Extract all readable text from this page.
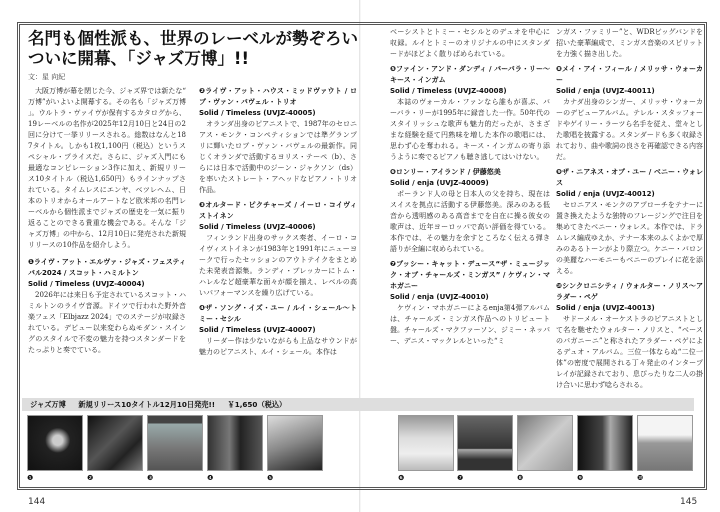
名門も個性派も、世界のレーベルが勢ぞろい
ついに開幕、「ジャズ万博」!!
文：星 向紀

大阪万博が幕を閉じた今、ジャズ界では新たな“万博”がいよいよ開幕する。その名も「ジャズ万博」。ウルトラ・ヴァイヴが保有するカタログから、19レーベルの名作が2025年12月10日と24日の2回に分けて一挙リリースされる。総数はなんと187タイトル。しかも1枚1,100円（税込）というスペシャル・プライスだ。さらに、ジャズ入門にも最適なコンピレーション3作に加え、新規リリース10タイトル（税込1,650円）もラインナップされている。タイムレスにエンヤ、ベツレヘム、日本のトリオからオールアートなど欧米邦の名門レーベルから個性派までジャズの歴史を一気に振り返ることのできる貴重な機会である。そんな「ジャズ万博」の中から、12月10日に発売された新規リリースの10作品を紹介しよう。

❶ライヴ・アット・エルヴァ・ジャズ・フェスティバル2024 / スコット・ハミルトン
Solid / Timeless (UVJZ-40004)

2026年には来日も予定されているスコット・ハミルトンのライヴ音源。ドイツで行われた野外音楽フェス「Elbjazz 2024」でのステージが収録されている。デビュー以来変わらぬモダン・スイングのスタイルで不変の魅力を持つスタンダードをたっぷりと奏でている。

❷ライヴ・アット・ハウス・ミッドヴァウト / ロブ・ヴァン・バヴェル・トリオ
Solid / Timeless (UVJZ-40005)

オランダ出身のピアニストで、1987年のセロニアス・モンク・コンペティションでは準グランプリに輝いたロブ・ヴァン・バヴェルの最新作。同じくオランダで活動するヨリス・テーペ（b）、さらには日本で活動中のジーン・ジャクソン（ds）を率いたストレート・アヘッドなピアノ・トリオ作品。

❸オルタード・ピクチャーズ / イーロ・コイヴィストイネン
Solid / Timeless (UVJZ-40006)

フィンランド出身のサックス奏者、イーロ・コイヴィストイネンが1983年と1991年にニューヨークで行ったセッションのアウトテイクをまとめた未発表音源集。ランディ・ブレッカーにトム・ハレルなど超豪華な面々が顔を揃え、レベルの高いパフォーマンスを繰り広げている。

❹ザ・ソング・イズ・ユー / ルイ・シェール〜トミー・セシル
Solid / Timeless (UVJZ-40007)

リーダー作は少ないながらも上品なサウンドが魅力のピアニスト、ルイ・シェール。本作は

ベーシストとトミー・セシルとのデュオを中心に収録。ルイとトミーのオリジナルの中にスタンダードがほどよく散りばめられている。

❺ファイン・アンド・ダンディ / バーバラ・リー〜キース・インガム
Solid / Timeless (UVJZ-40008)

本誌のヴォーカル・ファンなら誰もが喜ぶ、バーバラ・リーが1995年に録音した一作。50年代のスタイリッシュな歌声も魅力的だったが、さまざまな経験を経て円熟味を増した本作の歌唱には、思わず心を奪われる。キース・インガムの寄り添うように奏でるピアノも聴き逃してはいけない。

❻ロンリー・アイランド / 伊藤悠美
Solid / enja (UVJZ-40009)

ポーランド人の母と日本人の父を持ち、現在はスイスを拠点に活動する伊藤悠美。深みのある低音から透明感のある高音までを自在に操る彼女の歌声は、近年ヨーロッパで高い評価を得ている。本作では、その魅力を余すところなく伝える弾き語りが全編に収められている。

❼プッシー・キャット・デュース“ザ・ミュージック・オブ・チャールズ・ミンガス” / ケヴィン・マホガニー
Solid / enja (UVJZ-40010)

ケヴィン・マホガニーによるenja第4弾アルバムは、チャールズ・ミンガス作品へのトリビュート盤。チャールズ・マクファーソン、ジミー・ネッパー、デニス・マックレルといった“ミ

ンガス・ファミリー”と、WDRビッグバンドを招いた豪華編成で、ミンガス音楽のスピリットを力強く描き出した。

❽メイ・アイ・フィール / メリッサ・ウォーカー
Solid / enja (UVJZ-40011)

カナダ出身のシンガー、メリッサ・ウォーカーのデビューアルバム。テレル・スタッフォードやゲイリー・ラーツら名手を従え、堂々とした歌唱を披露する。スタンダードも多く収録されており、曲や歌詞の良さを再確認できる内容だ。

❾ザ・ニアネス・オブ・ユー / ベニー・ウォレス
Solid / enja (UVJZ-40012)

セロニアス・モンクのアプローチをテナーに置き換えたような独特のフレージングで注目を集めてきたベニー・ウォレス。本作では、ドラムレス編成ゆえか、テナー本来のふくよかで厚みのあるトーンがより際立つ。ケニー・バロンの美麗なハーモニーもベニーのプレイに花を添える。

❿シンクロニシティ / ウォルター・ノリス〜アラダー・ペゲ
Solid / enja (UVJZ-40013)

サドーメル・オーケストラのピアニストとして名を馳せたウォルター・ノリスと、“ベースのパガニーニ”と称されたアラダー・ペゲによるデュオ・アルバム。三位一体ならぬ“二位一体”の密度で展開される丁々発止のインタープレイが記録されており、息ぴったりな二人の掛け合いに思わず唸らされる。

ジャズ万博 新規リリース10タイトル12月10日発売!! ￥1,650（税込）
❶	❷	❸	❹	❺	❻	❼	❽	❾	❿
144	145
